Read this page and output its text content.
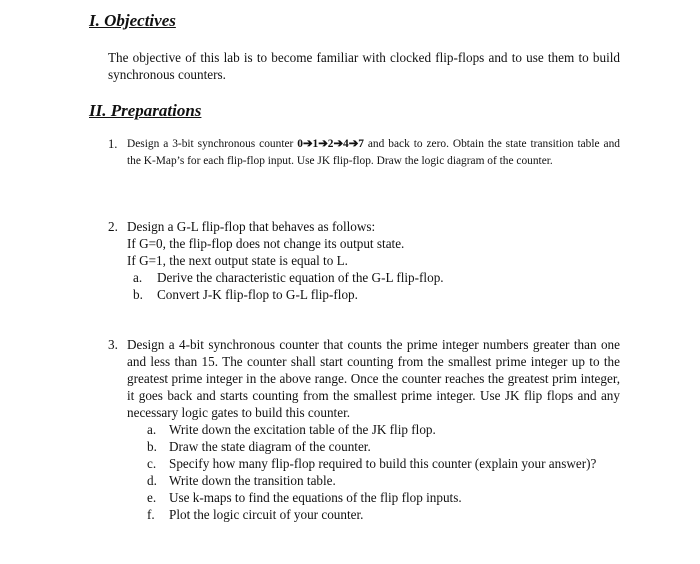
I. Objectives

The objective of this lab is to become familiar with clocked flip-flops and to use them to build synchronous counters.

II. Preparations
1. Design a 3-bit synchronous counter 0➔1➔2➔4➔7 and back to zero. Obtain the state transition table and the K-Map’s for each flip-flop input. Use JK flip-flop. Draw the logic diagram of the counter.
2. Design a G-L flip-flop that behaves as follows:
If G=0, the flip-flop does not change its output state.
If G=1, the next output state is equal to L.
a. Derive the characteristic equation of the G-L flip-flop.
b. Convert J-K flip-flop to G-L flip-flop.
3. Design a 4-bit synchronous counter that counts the prime integer numbers greater than one and less than 15. The counter shall start counting from the smallest prime integer up to the greatest prime integer in the above range. Once the counter reaches the greatest prim integer, it goes back and starts counting from the smallest prime integer. Use JK flip flops and any necessary logic gates to build this counter.
a. Write down the excitation table of the JK flip flop.
b. Draw the state diagram of the counter.
c. Specify how many flip-flop required to build this counter (explain your answer)?
d. Write down the transition table.
e. Use k-maps to find the equations of the flip flop inputs.
f. Plot the logic circuit of your counter.
